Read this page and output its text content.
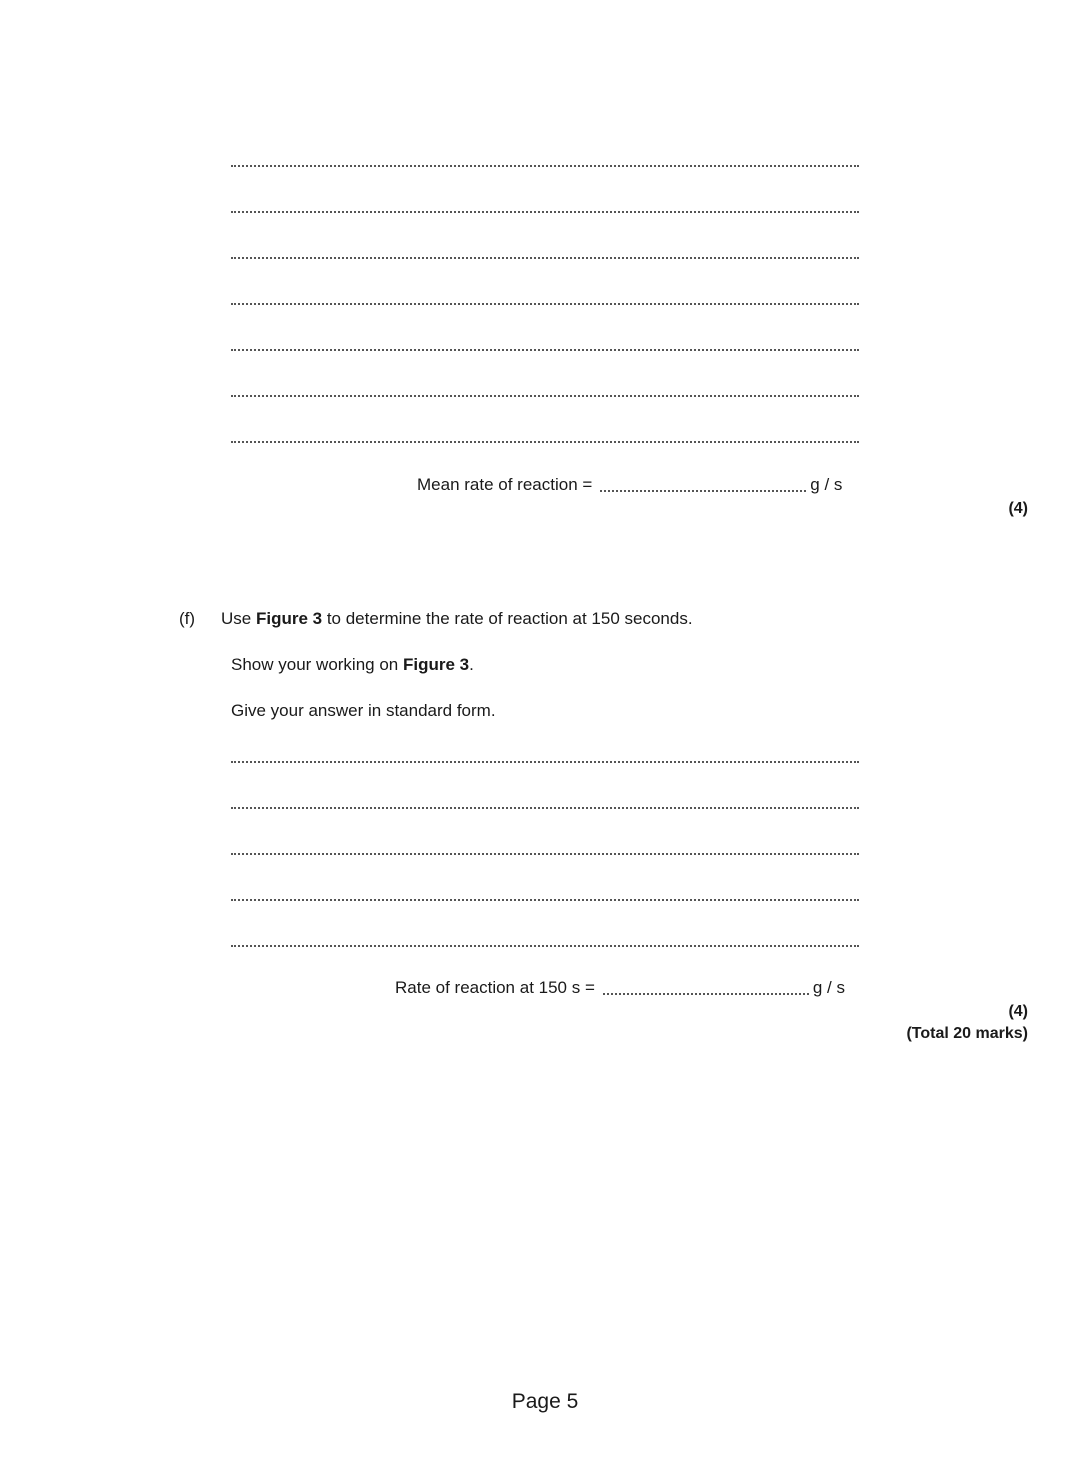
Mean rate of reaction =	g / s
(4)
(f) Use Figure 3 to determine the rate of reaction at 150 seconds.
Show your working on Figure 3.
Give your answer in standard form.
Rate of reaction at 150 s =	g / s
(4)
(Total 20 marks)
Page 5
